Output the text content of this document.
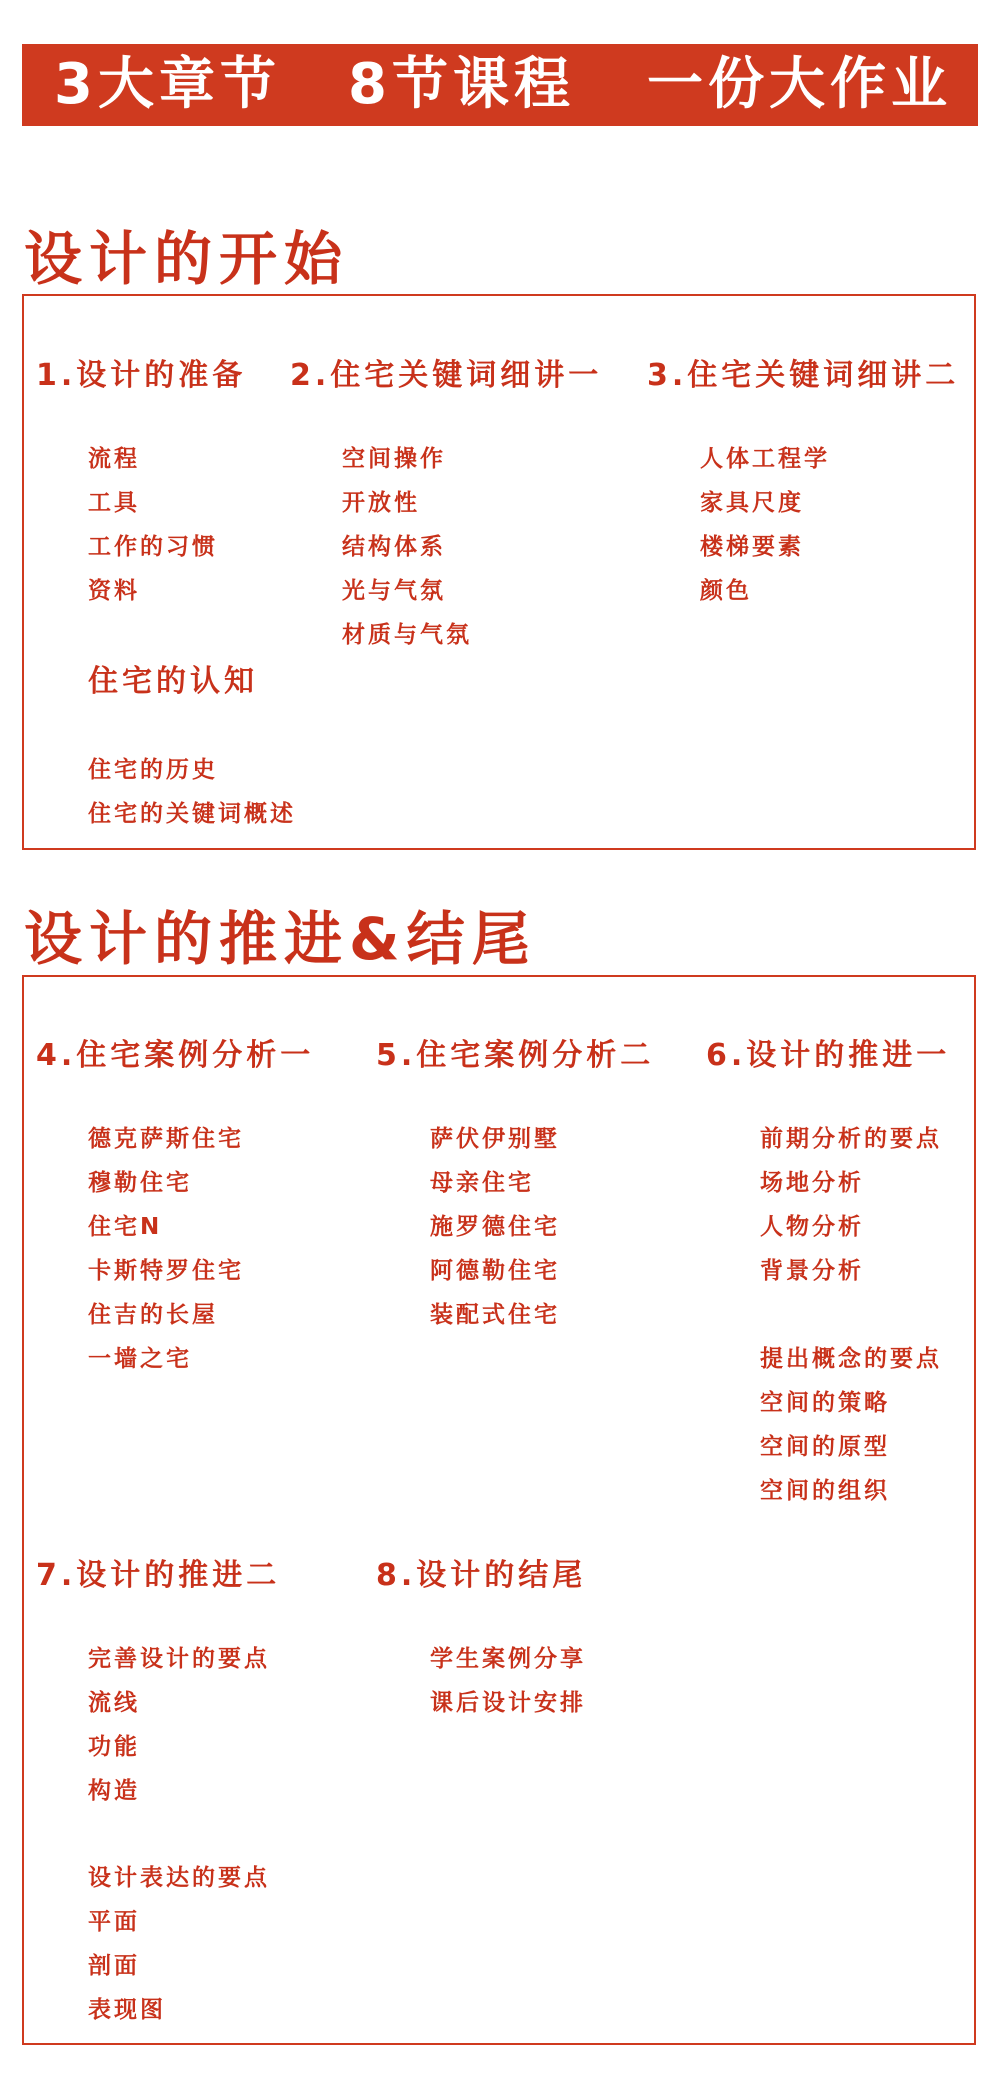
3大章节 8节课程 一份大作业
设计的开始
1.设计的准备
流程
工具
工作的习惯
资料
住宅的认知
住宅的历史
住宅的关键词概述
2.住宅关键词细讲一
空间操作
开放性
结构体系
光与气氛
材质与气氛
3.住宅关键词细讲二
人体工程学
家具尺度
楼梯要素
颜色
设计的推进&结尾
4.住宅案例分析一
德克萨斯住宅
穆勒住宅
住宅N
卡斯特罗住宅
住吉的长屋
一墙之宅
5.住宅案例分析二
萨伏伊别墅
母亲住宅
施罗德住宅
阿德勒住宅
装配式住宅
6.设计的推进一
前期分析的要点
场地分析
人物分析
背景分析
提出概念的要点
空间的策略
空间的原型
空间的组织
7.设计的推进二
完善设计的要点
流线
功能
构造
设计表达的要点
平面
剖面
表现图
8.设计的结尾
学生案例分享
课后设计安排
